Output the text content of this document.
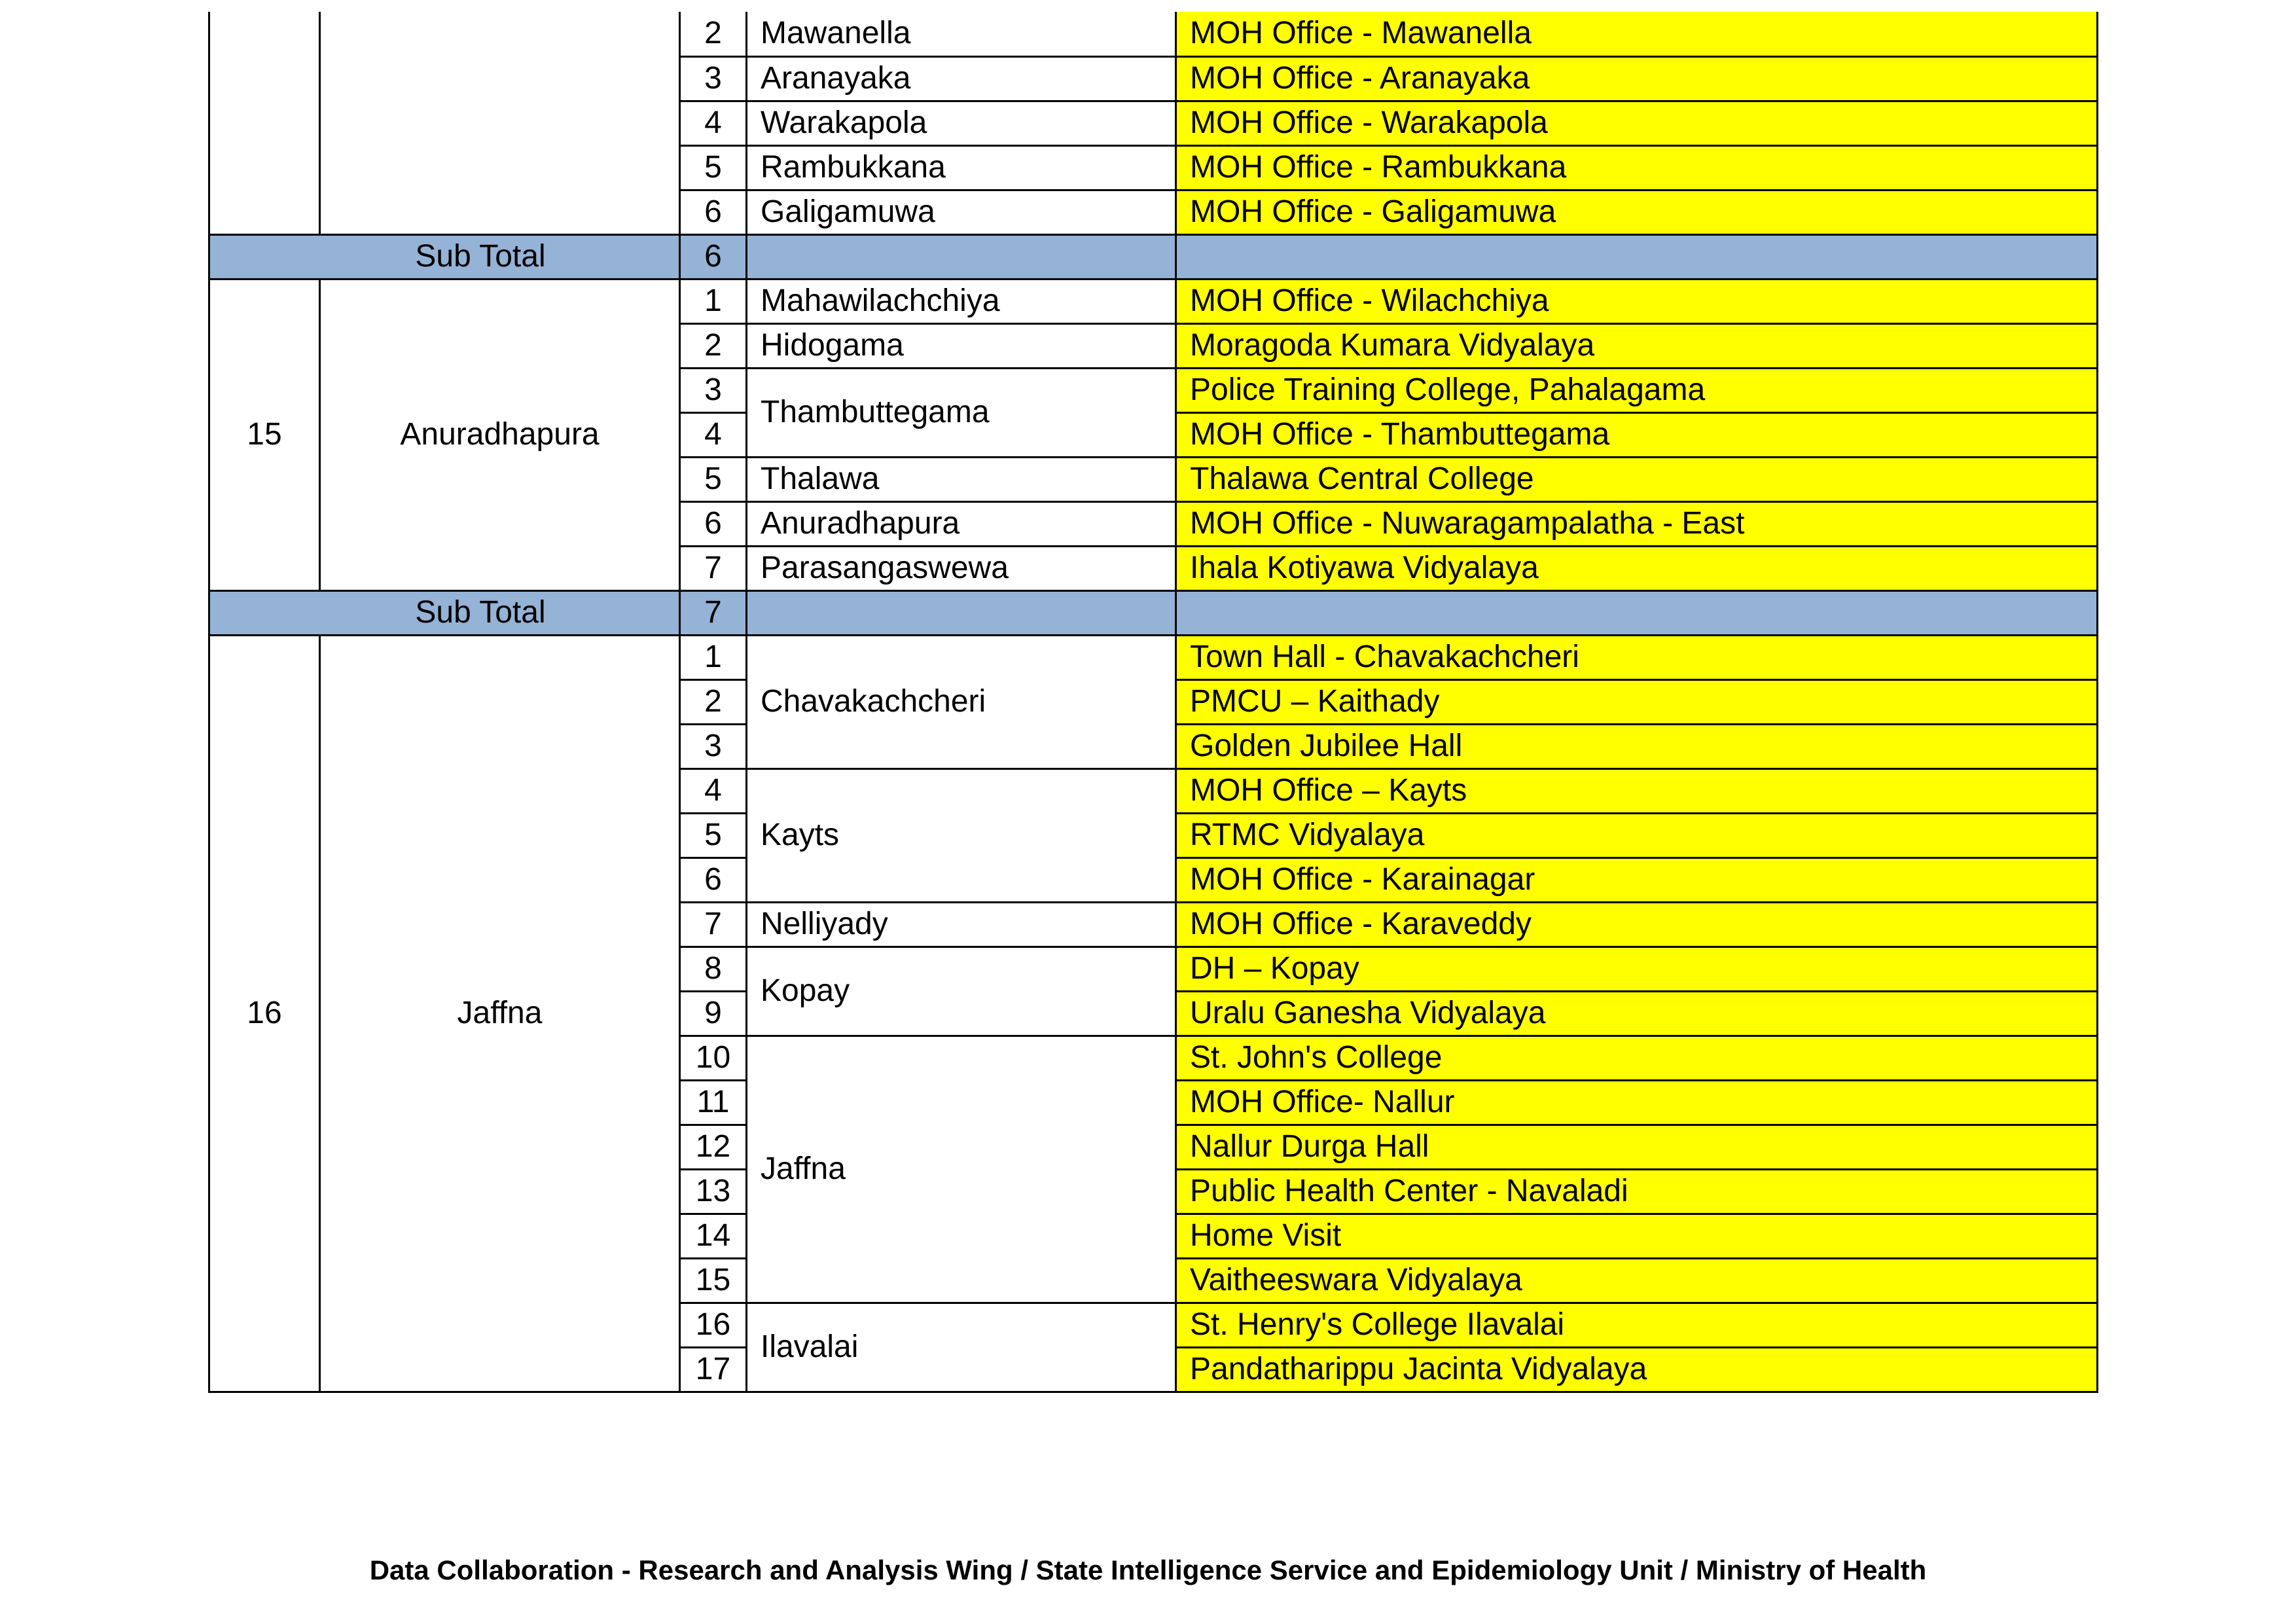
		2	Mawanella	MOH Office - Mawanella
		3	Aranayaka	MOH Office - Aranayaka
		4	Warakapola	MOH Office - Warakapola
		5	Rambukkana	MOH Office - Rambukkana
		6	Galigamuwa	MOH Office - Galigamuwa
Sub Total		6		
15	Anuradhapura	1	Mahawilachchiya	MOH Office - Wilachchiya
		2	Hidogama	Moragoda Kumara Vidyalaya
		3	Thambuttegama	Police Training College, Pahalagama
		4		MOH Office - Thambuttegama
		5	Thalawa	Thalawa Central College
		6	Anuradhapura	MOH Office - Nuwaragampalatha - East
		7	Parasangaswewa	Ihala Kotiyawa Vidyalaya
Sub Total		7		
16	Jaffna	1	Chavakachcheri	Town Hall - Chavakachcheri
		2		PMCU – Kaithady
		3		Golden Jubilee Hall
		4	Kayts	MOH Office – Kayts
		5		RTMC Vidyalaya
		6		MOH Office - Karainagar
		7	Nelliyady	MOH Office - Karaveddy
		8	Kopay	DH – Kopay
		9		Uralu Ganesha Vidyalaya
		10	Jaffna	St. John's College
		11		MOH Office- Nallur
		12		Nallur Durga Hall
		13		Public Health Center - Navaladi
		14		Home Visit
		15		Vaitheeswara Vidyalaya
		16	Ilavalai	St. Henry's College Ilavalai
		17		Pandatharippu Jacinta Vidyalaya
Data Collaboration - Research and Analysis Wing / State Intelligence Service and Epidemiology Unit / Ministry of Health
